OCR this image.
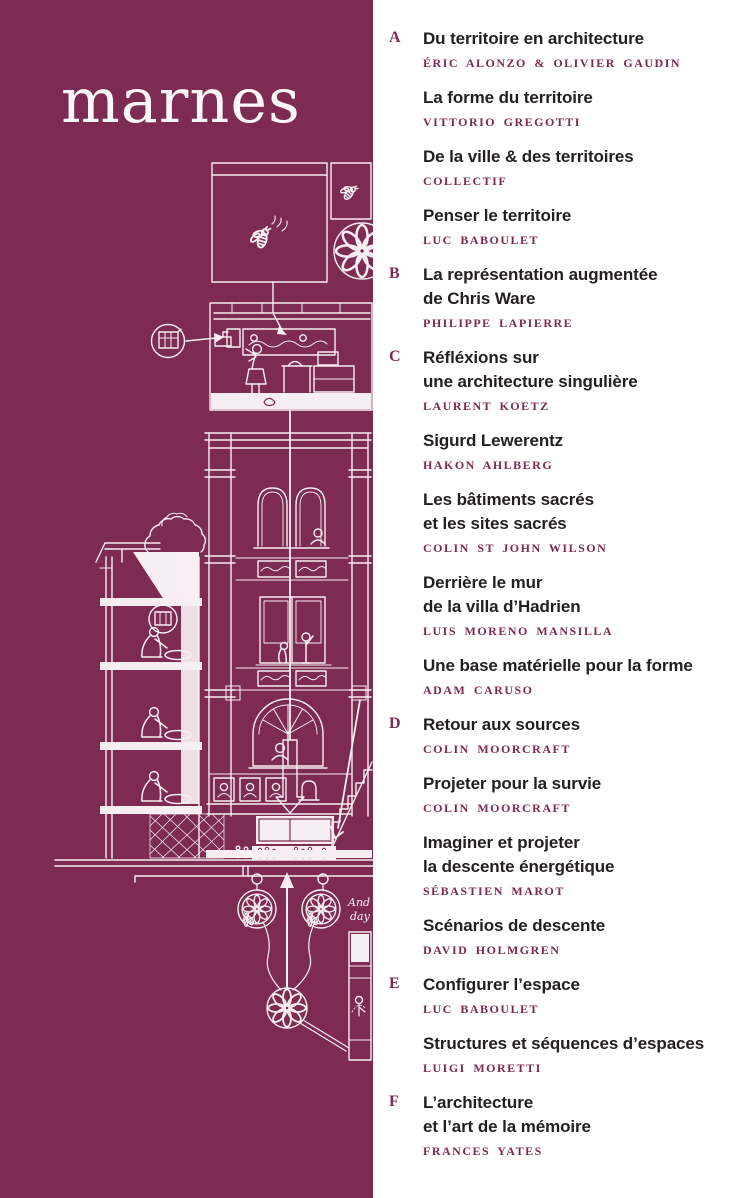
marnes
And
day
A Du territoire en architecture
ÉRIC ALONZO & OLIVIER GAUDIN
La forme du territoire
VITTORIO GREGOTTI
De la ville & des territoires
COLLECTIF
Penser le territoire
LUC BABOULET
B La représentation augmentée
de Chris Ware
PHILIPPE LAPIERRE
C Réfléxions sur
une architecture singulière
LAURENT KOETZ
Sigurd Lewerentz
HAKON AHLBERG
Les bâtiments sacrés
et les sites sacrés
COLIN ST JOHN WILSON
Derrière le mur
de la villa d’Hadrien
LUIS MORENO MANSILLA
Une base matérielle pour la forme
ADAM CARUSO
D Retour aux sources
COLIN MOORCRAFT
Projeter pour la survie
COLIN MOORCRAFT
Imaginer et projeter
la descente énergétique
SÉBASTIEN MAROT
Scénarios de descente
DAVID HOLMGREN
E Configurer l’espace
LUC BABOULET
Structures et séquences d’espaces
LUIGI MORETTI
F L’architecture
et l’art de la mémoire
FRANCES YATES
